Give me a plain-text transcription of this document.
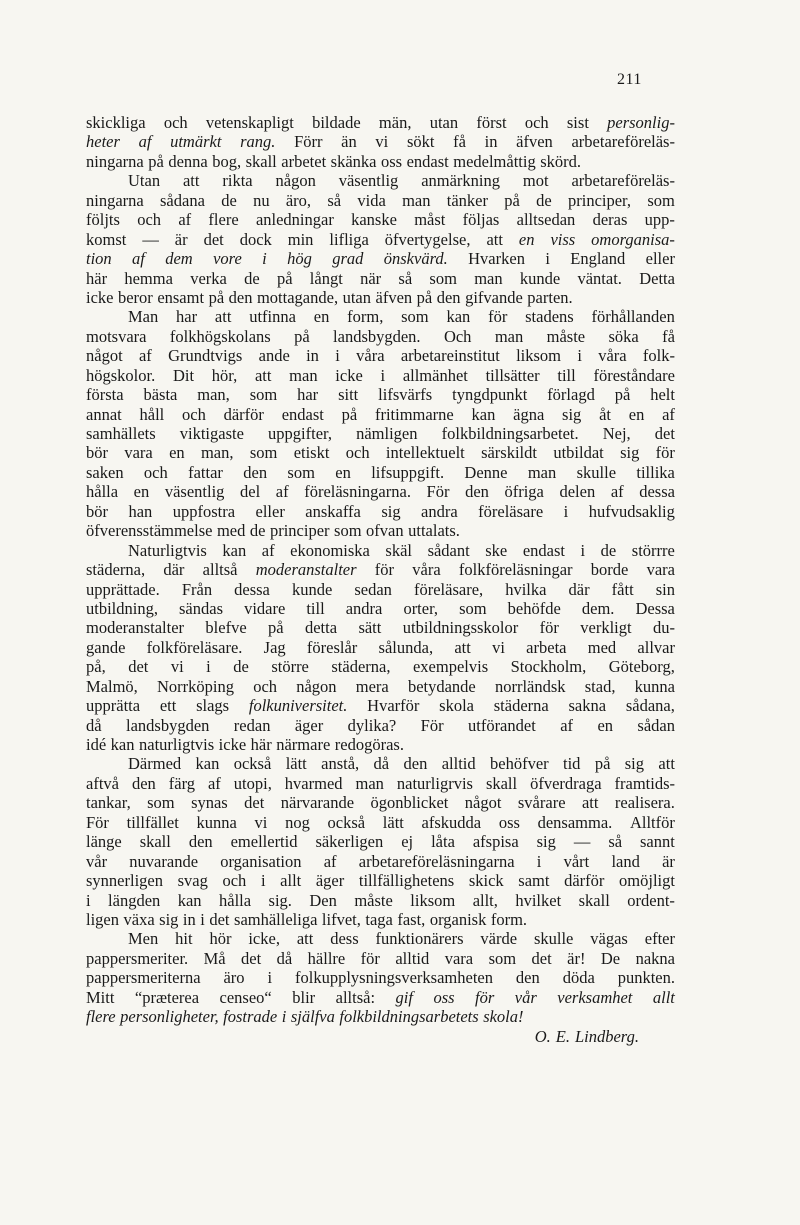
211
skickliga och vetenskapligt bildade män, utan först och sist personlig-
heter af utmärkt rang. Förr än vi sökt få in äfven arbetareföreläs-
ningarna på denna bog, skall arbetet skänka oss endast medelmåttig skörd.
Utan att rikta någon väsentlig anmärkning mot arbetareföreläs-
ningarna sådana de nu äro, så vida man tänker på de principer, som
följts och af flere anledningar kanske måst följas alltsedan deras upp-
komst — är det dock min lifliga öfvertygelse, att en viss omorganisa-
tion af dem vore i hög grad önskvärd. Hvarken i England eller
här hemma verka de på långt när så som man kunde väntat. Detta
icke beror ensamt på den mottagande, utan äfven på den gifvande parten.
Man har att utfinna en form, som kan för stadens förhållanden
motsvara folkhögskolans på landsbygden. Och man måste söka få
något af Grundtvigs ande in i våra arbetareinstitut liksom i våra folk-
högskolor. Dit hör, att man icke i allmänhet tillsätter till föreståndare
första bästa man, som har sitt lifsvärfs tyngdpunkt förlagd på helt
annat håll och därför endast på fritimmarne kan ägna sig åt en af
samhällets viktigaste uppgifter, nämligen folkbildningsarbetet. Nej, det
bör vara en man, som etiskt och intellektuelt särskildt utbildat sig för
saken och fattar den som en lifsuppgift. Denne man skulle tillika
hålla en väsentlig del af föreläsningarna. För den öfriga delen af dessa
bör han uppfostra eller anskaffa sig andra föreläsare i hufvudsaklig
öfverensstämmelse med de principer som ofvan uttalats.
Naturligtvis kan af ekonomiska skäl sådant ske endast i de störrre
städerna, där alltså moderanstalter för våra folkföreläsningar borde vara
upprättade. Från dessa kunde sedan föreläsare, hvilka där fått sin
utbildning, sändas vidare till andra orter, som behöfde dem. Dessa
moderanstalter blefve på detta sätt utbildningsskolor för verkligt du-
gande folkföreläsare. Jag föreslår sålunda, att vi arbeta med allvar
på, det vi i de större städerna, exempelvis Stockholm, Göteborg,
Malmö, Norrköping och någon mera betydande norrländsk stad, kunna
upprätta ett slags folkuniversitet. Hvarför skola städerna sakna sådana,
då landsbygden redan äger dylika? För utförandet af en sådan
idé kan naturligtvis icke här närmare redogöras.
Därmed kan också lätt anstå, då den alltid behöfver tid på sig att
aftvå den färg af utopi, hvarmed man naturligrvis skall öfverdraga framtids-
tankar, som synas det närvarande ögonblicket något svårare att realisera.
För tillfället kunna vi nog också lätt afskudda oss densamma. Alltför
länge skall den emellertid säkerligen ej låta afspisa sig — så sannt
vår nuvarande organisation af arbetareföreläsningarna i vårt land är
synnerligen svag och i allt äger tillfällighetens skick samt därför omöjligt
i längden kan hålla sig. Den måste liksom allt, hvilket skall ordent-
ligen växa sig in i det samhälleliga lifvet, taga fast, organisk form.
Men hit hör icke, att dess funktionärers värde skulle vägas efter
pappersmeriter. Må det då hällre för alltid vara som det är! De nakna
pappersmeriterna äro i folkupplysningsverksamheten den döda punkten.
Mitt “præterea censeo“ blir alltså: gif oss för vår verksamhet allt
flere personligheter, fostrade i själfva folkbildningsarbetets skola!
O. E. Lindberg.
